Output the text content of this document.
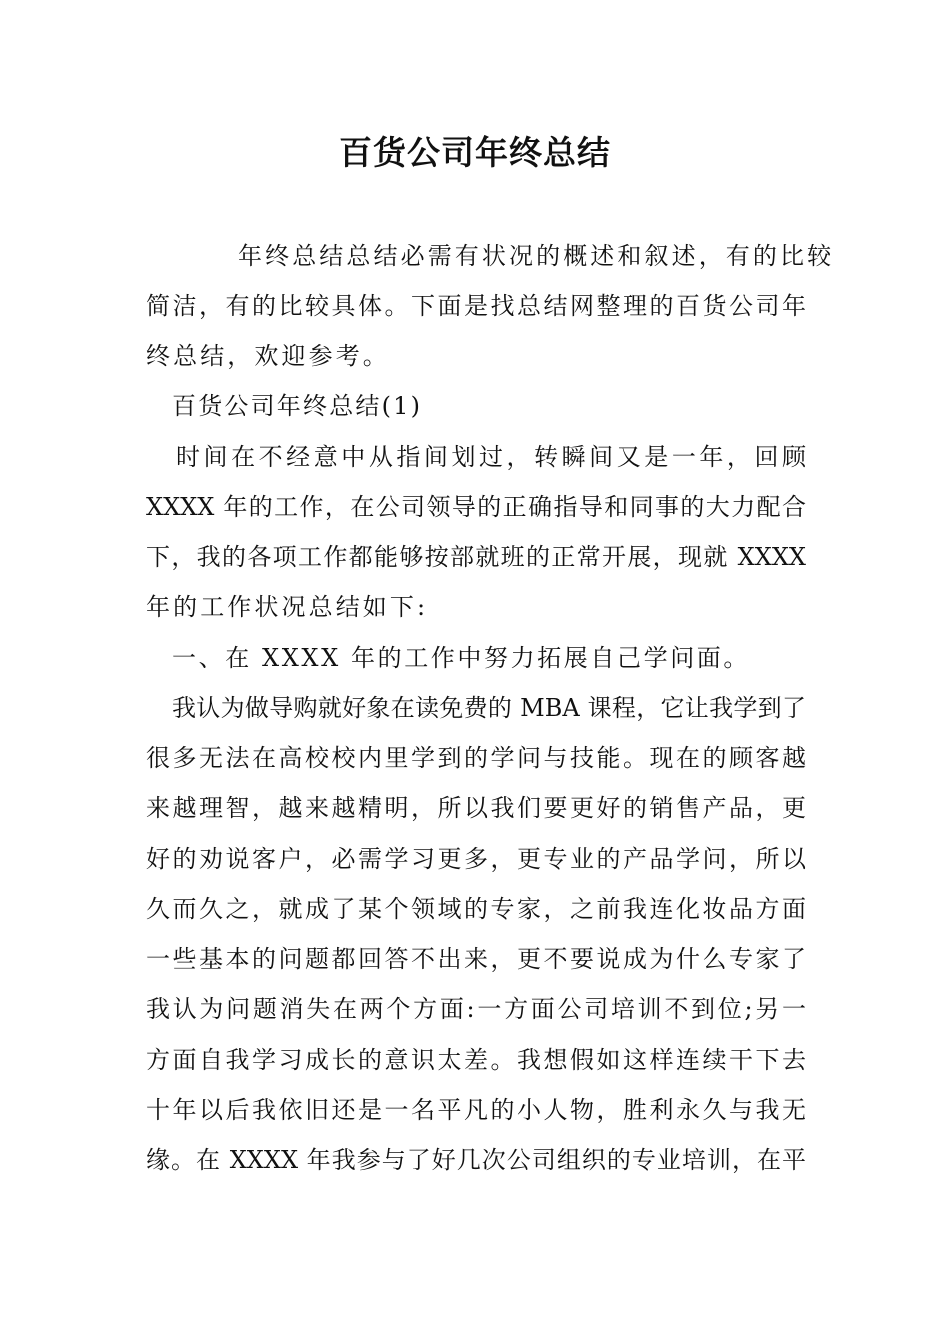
百货公司年终总结
年终总结总结必需有状况的概述和叙述，有的比较
简洁，有的比较具体。下面是找总结网整理的百货公司年
终总结，欢迎参考。
百货公司年终总结(1)
时间在不经意中从指间划过，转瞬间又是一年，回顾
XXXX 年的工作，在公司领导的正确指导和同事的大力配合
下，我的各项工作都能够按部就班的正常开展，现就 XXXX
年的工作状况总结如下:
一、在 XXXX 年的工作中努力拓展自己学问面。
我认为做导购就好象在读免费的 MBA 课程，它让我学到了
很多无法在高校校内里学到的学问与技能。现在的顾客越
来越理智，越来越精明，所以我们要更好的销售产品，更
好的劝说客户，必需学习更多，更专业的产品学问，所以
久而久之，就成了某个领域的专家，之前我连化妆品方面
一些基本的问题都回答不出来，更不要说成为什么专家了
我认为问题消失在两个方面:一方面公司培训不到位;另一
方面自我学习成长的意识太差。我想假如这样连续干下去
十年以后我依旧还是一名平凡的小人物，胜利永久与我无
缘。在 XXXX 年我参与了好几次公司组织的专业培训，在平
